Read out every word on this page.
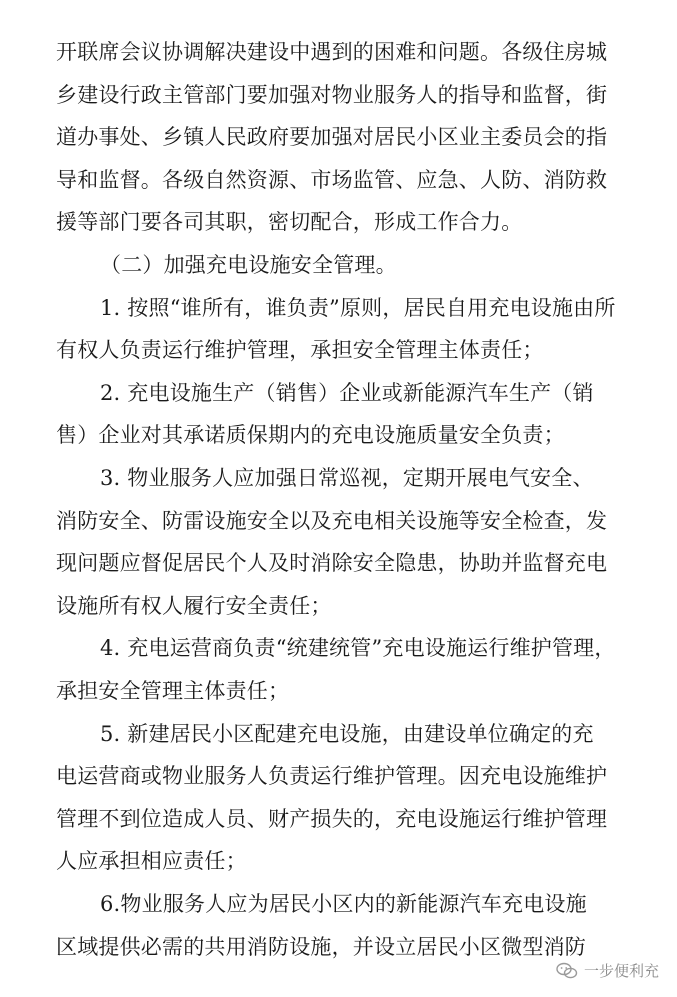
开联席会议协调解决建设中遇到的困难和问题。各级住房城
乡建设行政主管部门要加强对物业服务人的指导和监督，街
道办事处、乡镇人民政府要加强对居民小区业主委员会的指
导和监督。各级自然资源、市场监管、应急、人防、消防救
援等部门要各司其职，密切配合，形成工作合力。
（二）加强充电设施安全管理。
1. 按照“谁所有，谁负责”原则，居民自用充电设施由所
有权人负责运行维护管理，承担安全管理主体责任；
2. 充电设施生产（销售）企业或新能源汽车生产（销
售）企业对其承诺质保期内的充电设施质量安全负责；
3. 物业服务人应加强日常巡视，定期开展电气安全、
消防安全、防雷设施安全以及充电相关设施等安全检查，发
现问题应督促居民个人及时消除安全隐患，协助并监督充电
设施所有权人履行安全责任；
4. 充电运营商负责“统建统管”充电设施运行维护管理，
承担安全管理主体责任；
5. 新建居民小区配建充电设施，由建设单位确定的充
电运营商或物业服务人负责运行维护管理。因充电设施维护
管理不到位造成人员、财产损失的，充电设施运行维护管理
人应承担相应责任；
6.物业服务人应为居民小区内的新能源汽车充电设施
区域提供必需的共用消防设施，并设立居民小区微型消防
一步便利充
